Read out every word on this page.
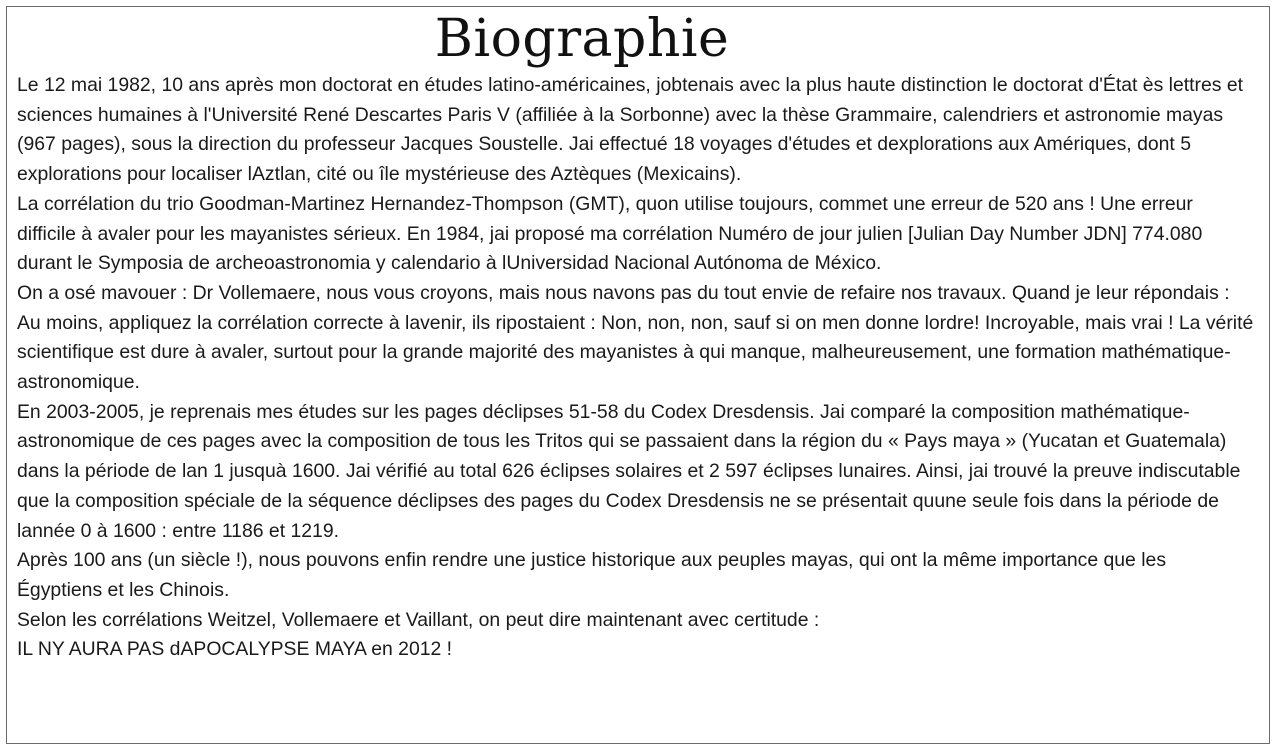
Biographie

Le 12 mai 1982, 10 ans après mon doctorat en études latino-américaines, jobtenais avec la plus haute distinction le doctorat d'État ès lettres et sciences humaines à l'Université René Descartes Paris V (affiliée à la Sorbonne) avec la thèse Grammaire, calendriers et astronomie mayas (967 pages), sous la direction du professeur Jacques Soustelle. Jai effectué 18 voyages d'études et dexplorations aux Amériques, dont 5 explorations pour localiser lAztlan, cité ou île mystérieuse des Aztèques (Mexicains).

La corrélation du trio Goodman-Martinez Hernandez-Thompson (GMT), quon utilise toujours, commet une erreur de 520 ans ! Une erreur difficile à avaler pour les mayanistes sérieux. En 1984, jai proposé ma corrélation Numéro de jour julien [Julian Day Number JDN] 774.080 durant le Symposia de archeoastronomia y calendario à lUniversidad Nacional Autónoma de México.

On a osé mavouer : Dr Vollemaere, nous vous croyons, mais nous navons pas du tout envie de refaire nos travaux. Quand je leur répondais : Au moins, appliquez la corrélation correcte à lavenir, ils ripostaient : Non, non, non, sauf si on men donne lordre! Incroyable, mais vrai ! La vérité scientifique est dure à avaler, surtout pour la grande majorité des mayanistes à qui manque, malheureusement, une formation mathématique-astronomique.

En 2003-2005, je reprenais mes études sur les pages déclipses 51-58 du Codex Dresdensis. Jai comparé la composition mathématique-astronomique de ces pages avec la composition de tous les Tritos qui se passaient dans la région du « Pays maya » (Yucatan et Guatemala) dans la période de lan 1 jusquà 1600. Jai vérifié au total 626 éclipses solaires et 2 597 éclipses lunaires. Ainsi, jai trouvé la preuve indiscutable que la composition spéciale de la séquence déclipses des pages du Codex Dresdensis ne se présentait quune seule fois dans la période de lannée 0 à 1600 : entre 1186 et 1219.

Après 100 ans (un siècle !), nous pouvons enfin rendre une justice historique aux peuples mayas, qui ont la même importance que les Égyptiens et les Chinois.

Selon les corrélations Weitzel, Vollemaere et Vaillant, on peut dire maintenant avec certitude :

IL NY AURA PAS dAPOCALYPSE MAYA en 2012 !
